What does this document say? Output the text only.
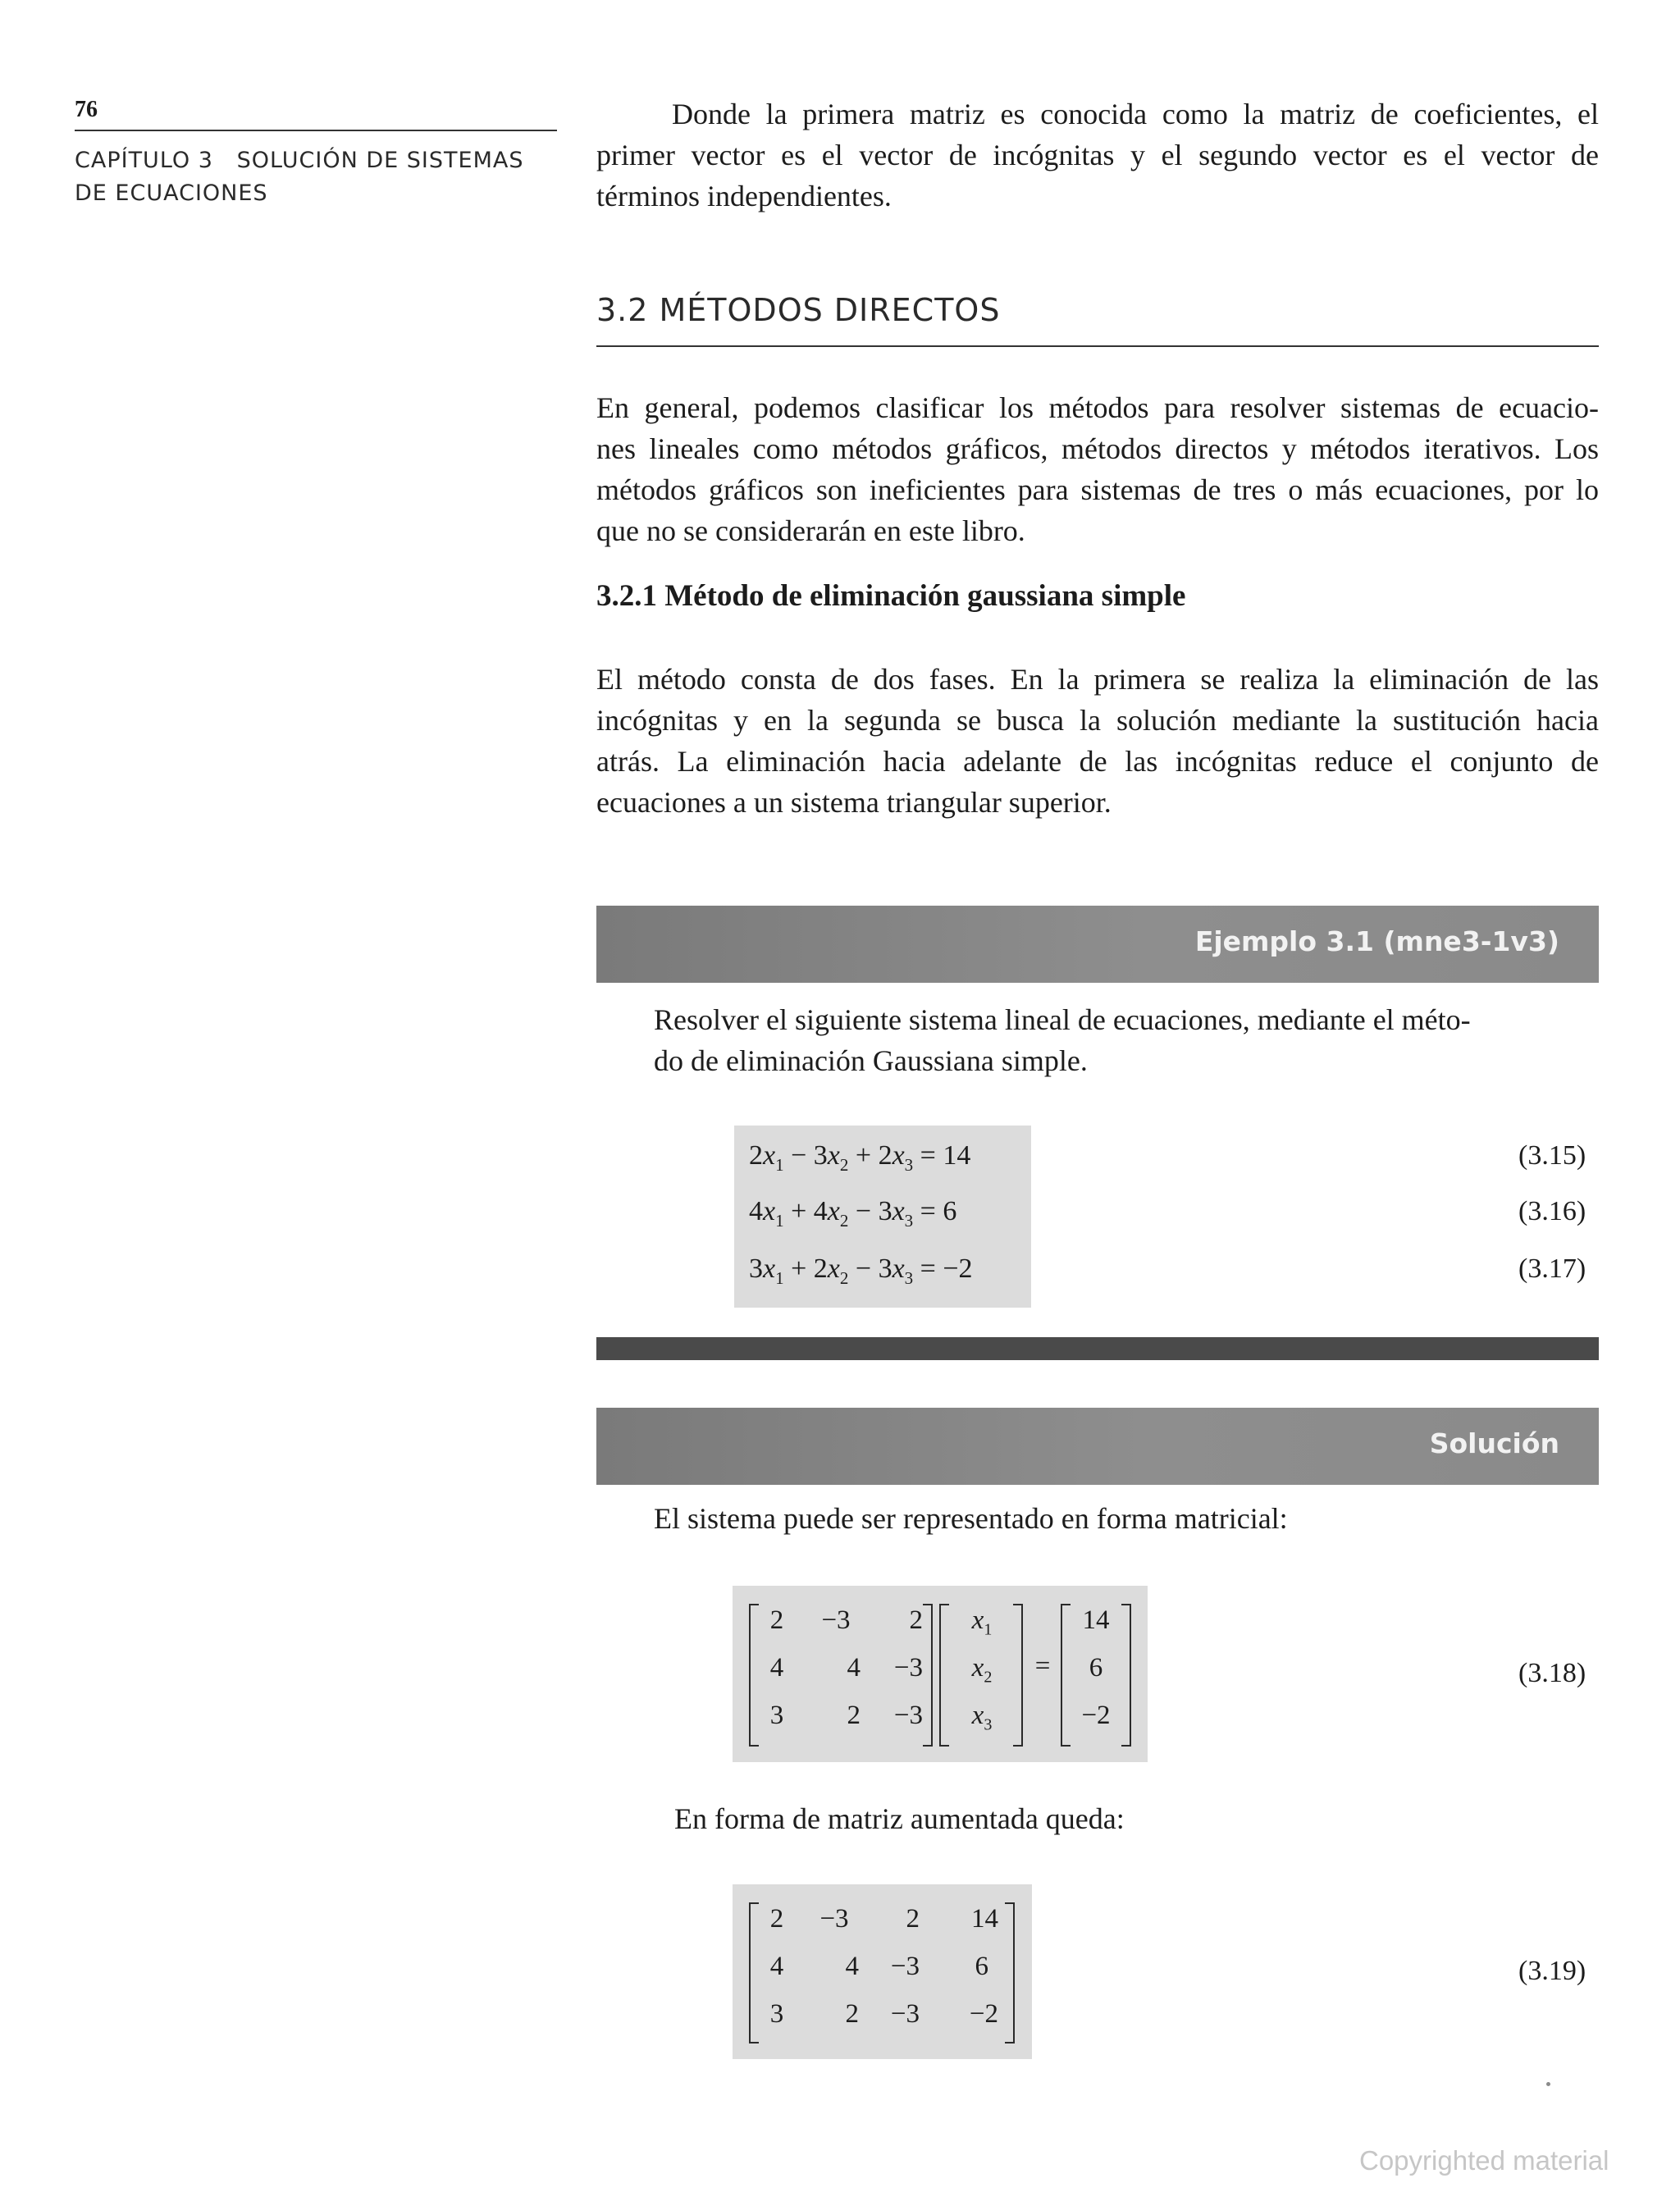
76
CAPÍTULO 3   SOLUCIÓN DE SISTEMAS
DE ECUACIONES
Donde la primera matriz es conocida como la matriz de coeficientes, el
primer vector es el vector de incógnitas y el segundo vector es el vector de
términos independientes.
3.2 MÉTODOS DIRECTOS
En general, podemos clasificar los métodos para resolver sistemas de ecuacio-
nes lineales como métodos gráficos, métodos directos y métodos iterativos. Los
métodos gráficos son ineficientes para sistemas de tres o más ecuaciones, por lo
que no se considerarán en este libro.
3.2.1 Método de eliminación gaussiana simple
El método consta de dos fases. En la primera se realiza la eliminación de las
incógnitas y en la segunda se busca la solución mediante la sustitución hacia
atrás. La eliminación hacia adelante de las incógnitas reduce el conjunto de
ecuaciones a un sistema triangular superior.
Ejemplo 3.1 (mne3-1v3)
Resolver el siguiente sistema lineal de ecuaciones, mediante el méto-
do de eliminación Gaussiana simple.
$2x_1 - 3x_2 + 2x_3 = 14$
$4x_1 + 4x_2 - 3x_3 = 6$
$3x_1 + 2x_2 - 3x_3 = -2$
(3.15)
(3.16)
(3.17)
Solución
El sistema puede ser representado en forma matricial:
2	−3	2
4	4	−3
3	2	−3
$x_1$
$x_2$
$x_3$
=
14
6
−2
(3.18)
En forma de matriz aumentada queda:
2	−3	2	14
4	4	−3	6
3	2	−3	−2
(3.19)
Copyrighted material
